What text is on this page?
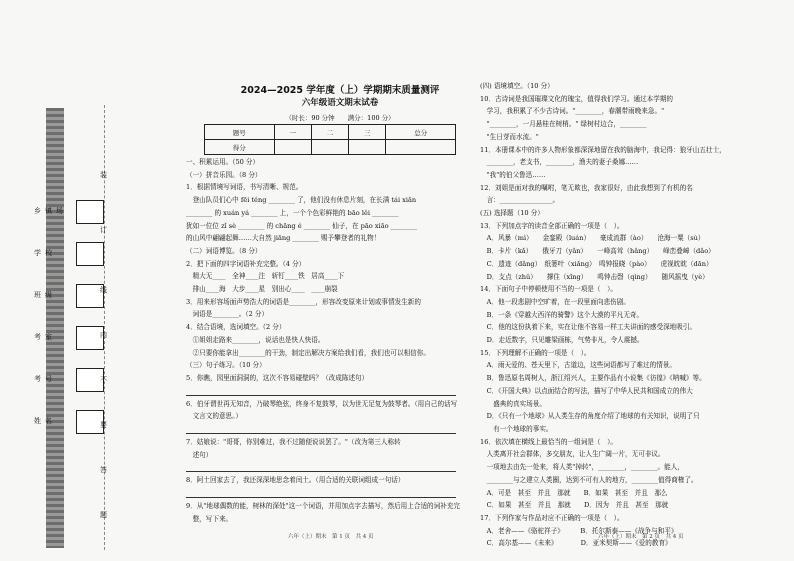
乡镇场
学校
班级
考室
考号
姓名
装
订
线
内
不
要
答
题
2024—2025 学年度（上）学期期末质量测评
六年级语文期末试卷
（时长：90 分钟　　满分：100 分）
题号	一	二	三	总分
得分				
一、积累运用。（50 分）
（一）拼音乐园。（8 分）
1．根据情境写词语，书写清晰、规范。
　登山队员们心中 fēi téng ________ 了，他们没有休息片刻，在长满 tái xiǎn
________ 的 xuán yá ________ 上，一个个色彩鲜艳的 bāo lěi ________
犹如一位位 zǐ sè ________ 的 chāng é ________ 仙子，在 pāo xiāo ________
的山风中翩翩起舞……大自然 jiāng ________ 赐予攀登者的礼物！
（二）词语博览。（8 分）
2．把下面的四字词语补充完整。（4 分）
　精大无____　全神____注　斩钉____铁　居高____下
　排山____海　大步____星　别出心____　____崩裂
3．用来形容场面声势浩大的词语是________，形容改变原来计划或事情发生新的
　词语是________。（2 分）
4．结合语境，选词填空。（2 分）
　①姐姐走路来________，说话也是快人快语。
　②只要你能拿出________的干劲，制定出解决方案给我们看，我们也可以相信你。
（三）句子练习。（10 分）
5．你瞧，园里面洞洞的，这次不容易碰壁吗？（改成陈述句）
6．伯牙谓世再无知音，乃破琴绝弦，终身不复鼓琴，以为世无足复为鼓琴者。（用自己的话写
　文言文的意思。）
7．姑娘说："哥哥，你别难过，我不过随便说说罢了。"（改为第三人称转
　述句）
8．阿土回家去了，我还深深地思念着闰土。（用合适的关联词组成一句话）
9．从"地球偶数的能，树林的深处"这一个词语，并用加点字去描写，然后用上合适的词补充完
　整，写下来。
(四) 语境填空。（10 分）
10．古诗词是我国璀璨文化的瑰宝，值得我们学习。通过本学期的
　学习，我积累了不少古诗词。"________，春潮带雨晚来急。"
　"________，一月悬桂在树梢。" 绿树村边合，________
　"生日芽而水流。"
11．本册课本中的许多人物形象都深深地留在我的脑海中，我记得：狼牙山五壮士，
　________，老支书，________，渔夫的妻子桑娜……
　"我"的伯父鲁迅……
12．刘姐是面对我的嘱咐，笔无欺也，我家很好，由此我想到了有机的名
　言：________________。
(五) 选择题（10 分）
13．下列加点字的读音全部正确的一项是（　）。
　A．风暴（mì）　　金銮殿（luán）　　豪成流群（ào）　　沧海一粟（sù）
　B．卡片（kǎ）　　俄牙刀（yǎn）　　一峰高耸（hǎng）　　峰峦叠嶂（dǎo）
　C．遗迹（dǎng）　纸篓叶（xiǎng）　鸣钟报晓（pào）　　虎视眈眈（dān）
　D．支点（zhǔ）　　撑住（xǐng）　　鸣钟击磬（qìng）　　随风摇曳（yè）
14．下面句子中停顿使用不当的一项是（　）。
　A．他一段悲剧中空旷着，在一段里面向悲伤剧。
　B．一条《穿越大西洋的骑警》这个大漠的平凡无奇。
　C．他的这份执着下来，实在让他不容易一样工夫讲面的感受深地吸引。
　D．走近数字，只见雕梁画栋，气势非凡，令人震撼。
15．下列理解不正确的一项是（　）。
　A．雨天爱的、苍天里下，古道边，这些词语都写了难过的情景。
　B．鲁迅原名周树人，浙江绍兴人，主要作品有小说集《彷徨》《呐喊》等。
　C．《开国大典》以点面结合的写法，描写了中华人民共和国成立的伟大
　　盛典的真实场景。
　D．《只有一个地球》从人类生存的角度介绍了地球的有关知识，说明了只
　　有一个地球的事实。
16．依次填在横线上最恰当的一组词是（　）。
　人类离开社会群体，多交朋友，让人生广阔一片，无可非议。
　一项地去由先一处来，将人类"掉转"，________，________。能人，
　________与之建立人类圈，达到不可有人的地方，________值得商榷了。
　A．可是　甚至　并且　那就　　B．如果　甚至　并且　那么
　C．如果　甚至　并且　那就　　D．因为　并且　甚至　那就
17．下列作家与作品对应不正确的一项是（　）。
　A．老舍——《骆驼祥子》　　　B．托尔斯泰——《战争与和平》
　C．高尔基——《未来》　　　　D．亚米契斯——《爱的教育》
六年（上）期末　第 1 页　共 4 页	六年（上）期末　第 2 页　共 4 页
